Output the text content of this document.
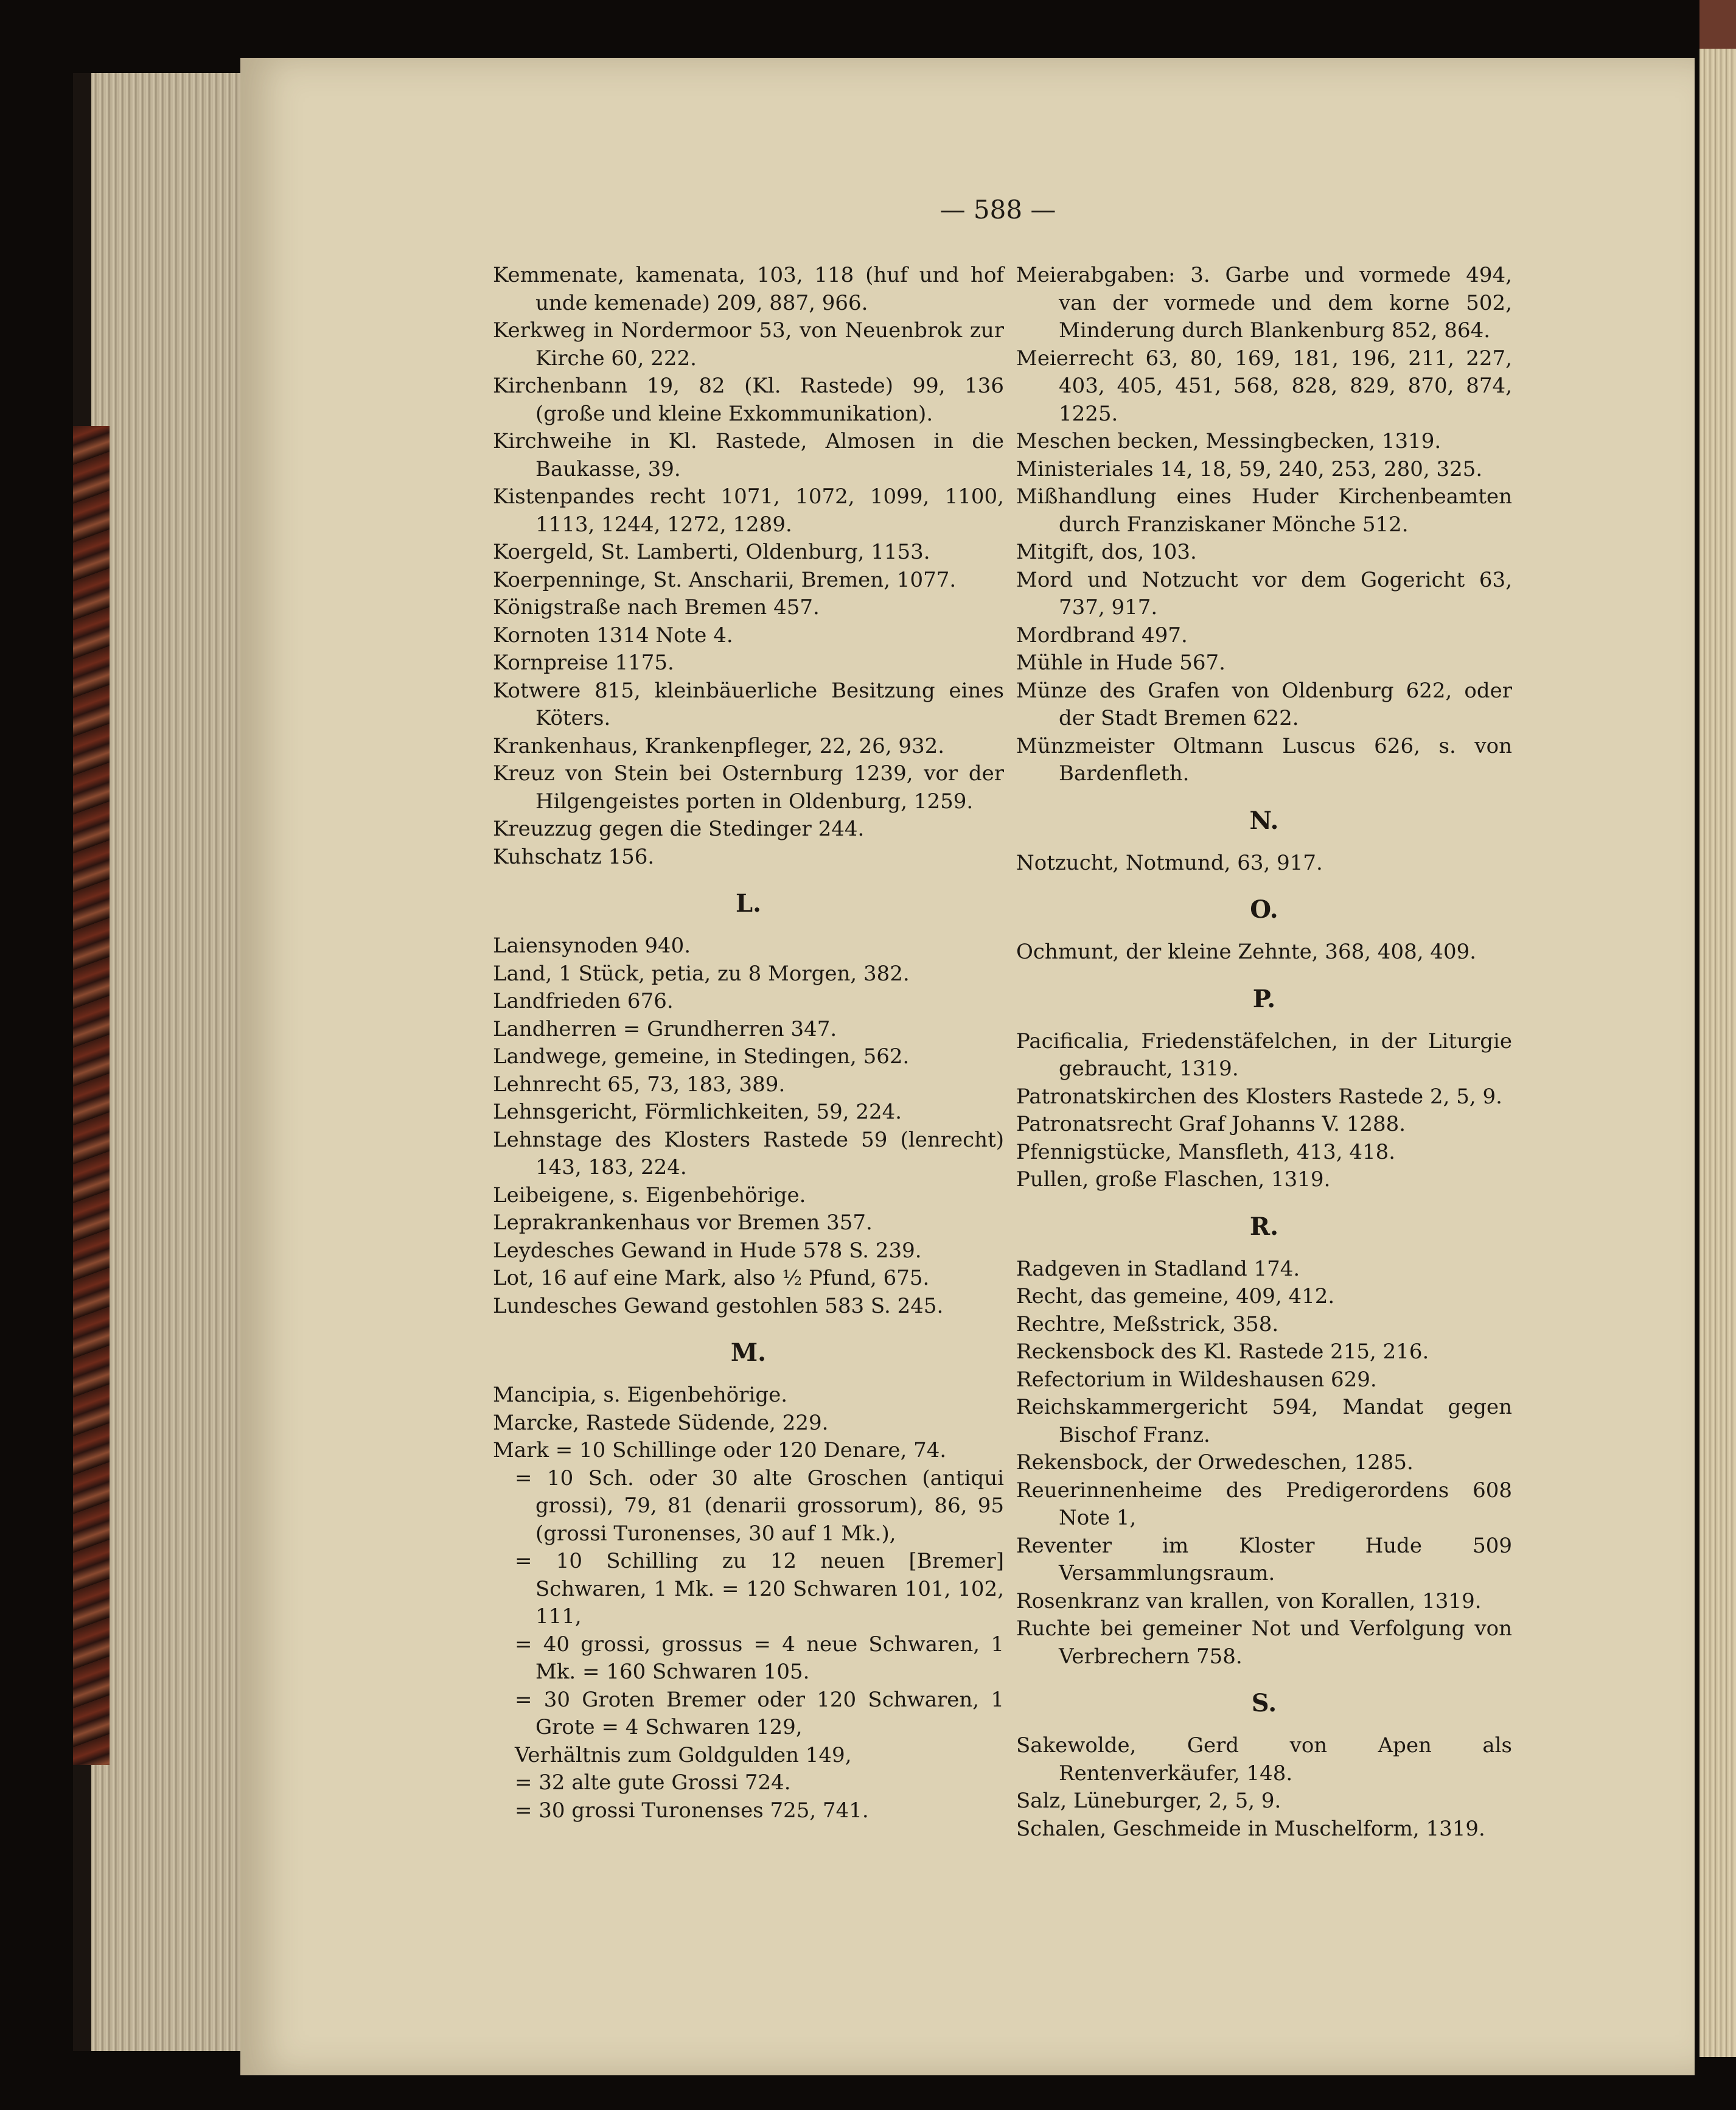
— 588 —
Kemmenate, kamenata, 103, 118 (huf und hof unde kemenade) 209, 887, 966.
Kerkweg in Nordermoor 53, von Neuenbrok zur Kirche 60, 222.
Kirchenbann 19, 82 (Kl. Rastede) 99, 136 (große und kleine Exkommunikation).
Kirchweihe in Kl. Rastede, Almosen in die Baukasse, 39.
Kistenpandes recht 1071, 1072, 1099, 1100, 1113, 1244, 1272, 1289.
Koergeld, St. Lamberti, Oldenburg, 1153.
Koerpenninge, St. Anscharii, Bremen, 1077.
Königstraße nach Bremen 457.
Kornoten 1314 Note 4.
Kornpreise 1175.
Kotwere 815, kleinbäuerliche Besitzung eines Köters.
Krankenhaus, Krankenpfleger, 22, 26, 932.
Kreuz von Stein bei Osternburg 1239, vor der Hilgengeistes porten in Oldenburg, 1259.
Kreuzzug gegen die Stedinger 244.
Kuhschatz 156.
L.
Laiensynoden 940.
Land, 1 Stück, petia, zu 8 Morgen, 382.
Landfrieden 676.
Landherren = Grundherren 347.
Landwege, gemeine, in Stedingen, 562.
Lehnrecht 65, 73, 183, 389.
Lehnsgericht, Förmlichkeiten, 59, 224.
Lehnstage des Klosters Rastede 59 (lenrecht) 143, 183, 224.
Leibeigene, s. Eigenbehörige.
Leprakrankenhaus vor Bremen 357.
Leydesches Gewand in Hude 578 S. 239.
Lot, 16 auf eine Mark, also ½ Pfund, 675.
Lundesches Gewand gestohlen 583 S. 245.
M.
Mancipia, s. Eigenbehörige.
Marcke, Rastede Südende, 229.
Mark = 10 Schillinge oder 120 Denare, 74.
= 10 Sch. oder 30 alte Groschen (antiqui grossi), 79, 81 (denarii grossorum), 86, 95 (grossi Turonenses, 30 auf 1 Mk.),
= 10 Schilling zu 12 neuen [Bremer] Schwaren, 1 Mk. = 120 Schwaren 101, 102, 111,
= 40 grossi, grossus = 4 neue Schwaren, 1 Mk. = 160 Schwaren 105.
= 30 Groten Bremer oder 120 Schwaren, 1 Grote = 4 Schwaren 129,
Verhältnis zum Goldgulden 149,
= 32 alte gute Grossi 724.
= 30 grossi Turonenses 725, 741.
Meierabgaben: 3. Garbe und vormede 494, van der vormede und dem korne 502, Minderung durch Blankenburg 852, 864.
Meierrecht 63, 80, 169, 181, 196, 211, 227, 403, 405, 451, 568, 828, 829, 870, 874, 1225.
Meschen becken, Messingbecken, 1319.
Ministeriales 14, 18, 59, 240, 253, 280, 325.
Mißhandlung eines Huder Kirchenbeamten durch Franziskaner Mönche 512.
Mitgift, dos, 103.
Mord und Notzucht vor dem Gogericht 63, 737, 917.
Mordbrand 497.
Mühle in Hude 567.
Münze des Grafen von Oldenburg 622, oder der Stadt Bremen 622.
Münzmeister Oltmann Luscus 626, s. von Bardenfleth.
N.
Notzucht, Notmund, 63, 917.
O.
Ochmunt, der kleine Zehnte, 368, 408, 409.
P.
Pacificalia, Friedenstäfelchen, in der Liturgie gebraucht, 1319.
Patronatskirchen des Klosters Rastede 2, 5, 9.
Patronatsrecht Graf Johanns V. 1288.
Pfennigstücke, Mansfleth, 413, 418.
Pullen, große Flaschen, 1319.
R.
Radgeven in Stadland 174.
Recht, das gemeine, 409, 412.
Rechtre, Meßstrick, 358.
Reckensbock des Kl. Rastede 215, 216.
Refectorium in Wildeshausen 629.
Reichskammergericht 594, Mandat gegen Bischof Franz.
Rekensbock, der Orwedeschen, 1285.
Reuerinnenheime des Predigerordens 608 Note 1,
Reventer im Kloster Hude 509 Versammlungsraum.
Rosenkranz van krallen, von Korallen, 1319.
Ruchte bei gemeiner Not und Verfolgung von Verbrechern 758.
S.
Sakewolde, Gerd von Apen als Rentenverkäufer, 148.
Salz, Lüneburger, 2, 5, 9.
Schalen, Geschmeide in Muschelform, 1319.
